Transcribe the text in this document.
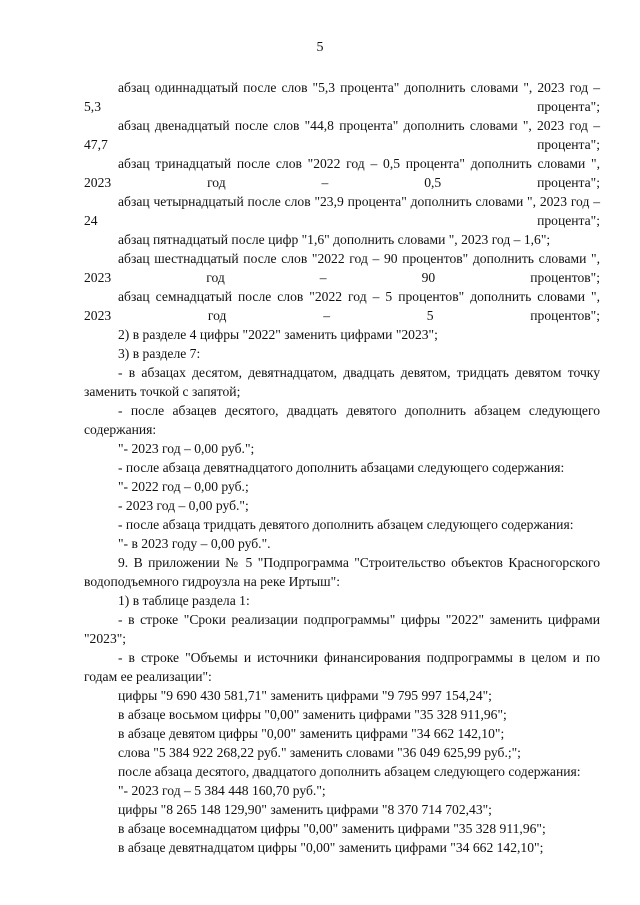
5

абзац одиннадцатый после слов "5,3 процента" дополнить словами ", 2023 год – 5,3 процента";

абзац двенадцатый после слов "44,8 процента" дополнить словами ", 2023 год – 47,7 процента";

абзац тринадцатый после слов "2022 год – 0,5 процента" дополнить словами ", 2023 год – 0,5 процента";

абзац четырнадцатый после слов "23,9 процента" дополнить словами ", 2023 год – 24 процента";

абзац пятнадцатый после цифр "1,6" дополнить словами ", 2023 год – 1,6";

абзац шестнадцатый после слов "2022 год – 90 процентов" дополнить словами ", 2023 год – 90 процентов";

абзац семнадцатый после слов "2022 год – 5 процентов" дополнить словами ", 2023 год – 5 процентов";

2) в разделе 4 цифры "2022" заменить цифрами "2023";

3) в разделе 7:

- в абзацах десятом, девятнадцатом, двадцать девятом, тридцать девятом точку заменить точкой с запятой;

- после абзацев десятого, двадцать девятого дополнить абзацем следующего содержания:

"- 2023 год – 0,00 руб.";

- после абзаца девятнадцатого дополнить абзацами следующего содержания:

"- 2022 год – 0,00 руб.;

- 2023 год – 0,00 руб.";

- после абзаца тридцать девятого дополнить абзацем следующего содержания:

"- в 2023 году – 0,00 руб.".

9. В приложении № 5 "Подпрограмма "Строительство объектов Красногорского водоподъемного гидроузла на реке Иртыш":

1) в таблице раздела 1:

- в строке "Сроки реализации подпрограммы" цифры "2022" заменить цифрами "2023";

- в строке "Объемы и источники финансирования подпрограммы в целом и по годам ее реализации":

цифры "9 690 430 581,71" заменить цифрами "9 795 997 154,24";

в абзаце восьмом цифры "0,00" заменить цифрами "35 328 911,96";

в абзаце девятом цифры "0,00" заменить цифрами "34 662 142,10";

слова "5 384 922 268,22 руб." заменить словами "36 049 625,99 руб.;";

после абзаца десятого, двадцатого дополнить абзацем следующего содержания:

"- 2023 год – 5 384 448 160,70 руб.";

цифры "8 265 148 129,90" заменить цифрами "8 370 714 702,43";

в абзаце восемнадцатом цифры "0,00" заменить цифрами "35 328 911,96";

в абзаце девятнадцатом цифры "0,00" заменить цифрами "34 662 142,10";
